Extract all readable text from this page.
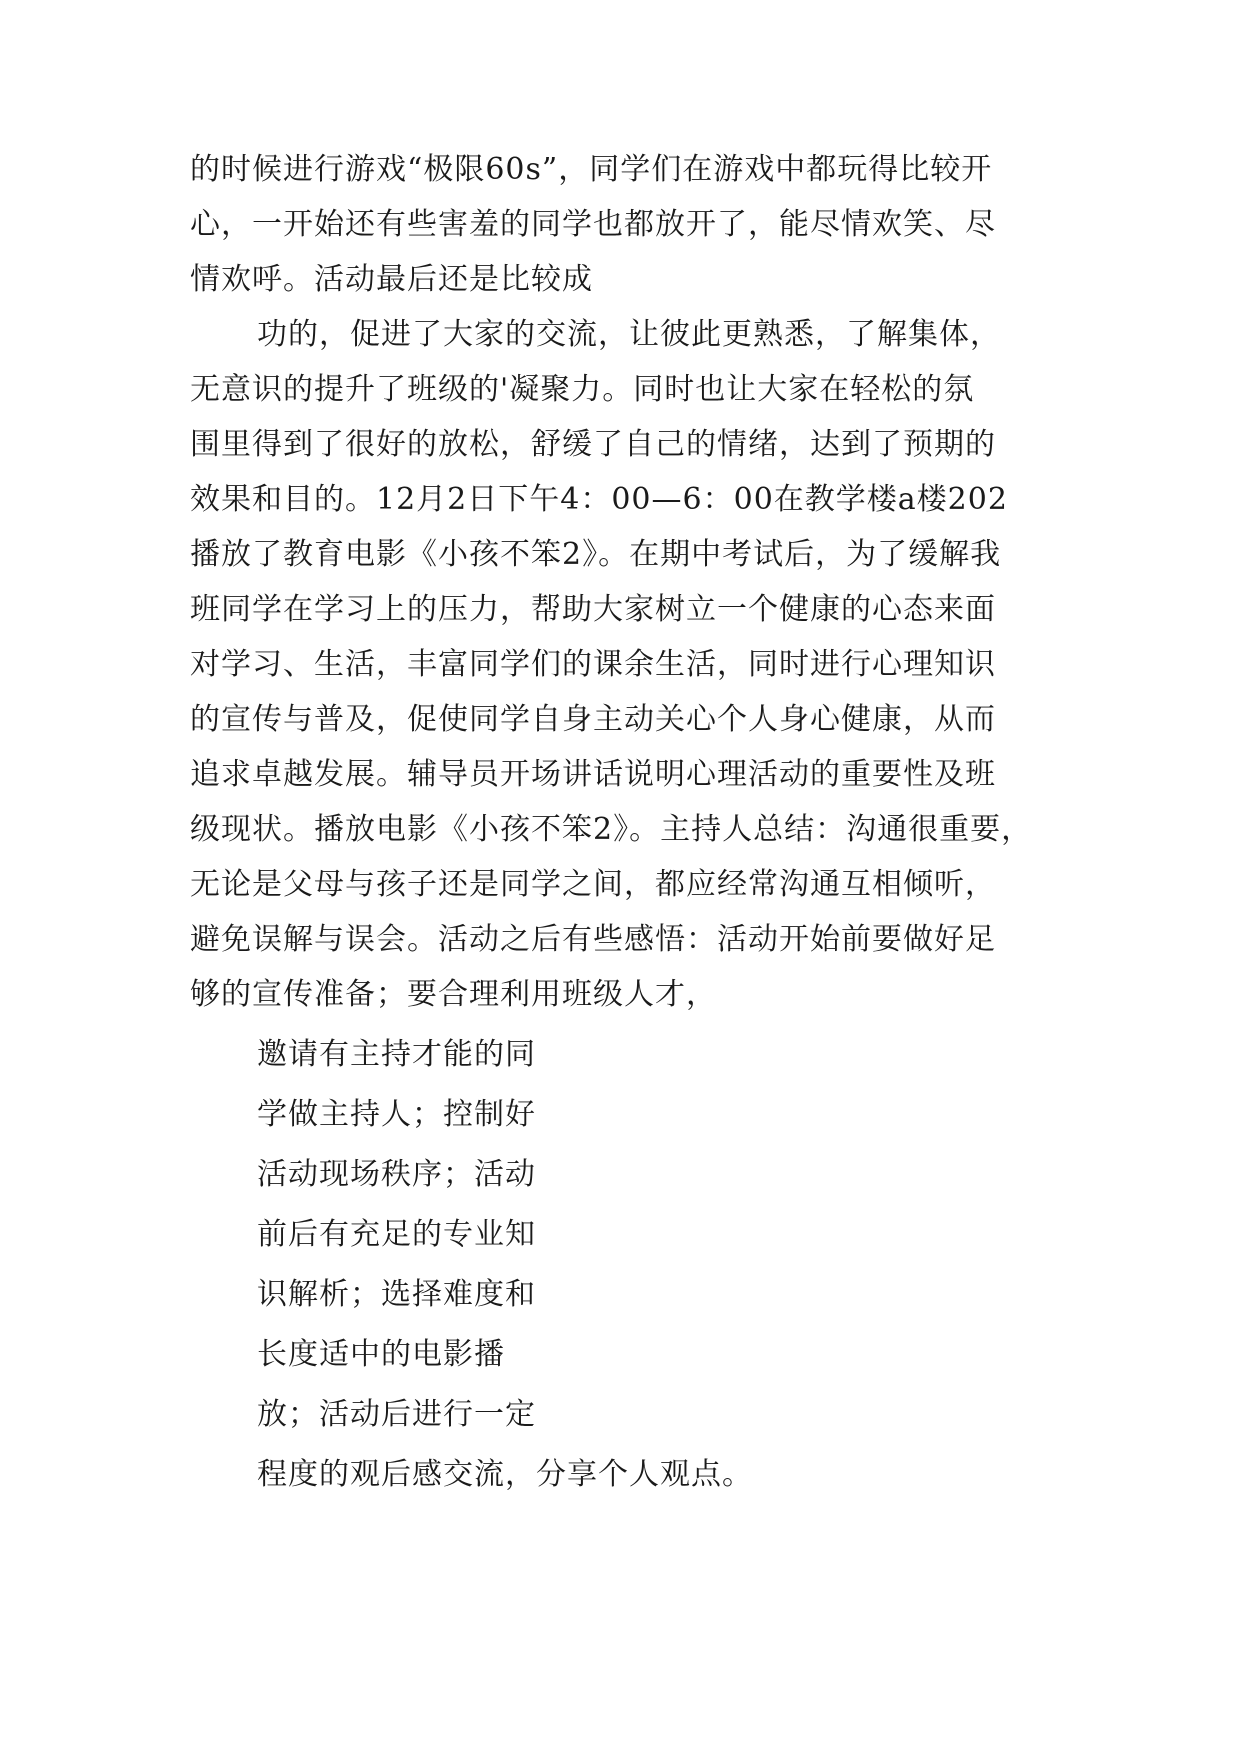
的时候进行游戏“极限60s”，同学们在游戏中都玩得比较开
心，一开始还有些害羞的同学也都放开了，能尽情欢笑、尽
情欢呼。活动最后还是比较成
功的，促进了大家的交流，让彼此更熟悉，了解集体，
无意识的提升了班级的'凝聚力。同时也让大家在轻松的氛
围里得到了很好的放松，舒缓了自己的情绪，达到了预期的
效果和目的。12月2日下午4：00—6：00在教学楼a楼202
播放了教育电影《小孩不笨2》。在期中考试后，为了缓解我
班同学在学习上的压力，帮助大家树立一个健康的心态来面
对学习、生活，丰富同学们的课余生活，同时进行心理知识
的宣传与普及，促使同学自身主动关心个人身心健康，从而
追求卓越发展。辅导员开场讲话说明心理活动的重要性及班
级现状。播放电影《小孩不笨2》。主持人总结：沟通很重要，
无论是父母与孩子还是同学之间，都应经常沟通互相倾听，
避免误解与误会。活动之后有些感悟：活动开始前要做好足
够的宣传准备；要合理利用班级人才，
邀请有主持才能的同
学做主持人；控制好
活动现场秩序；活动
前后有充足的专业知
识解析；选择难度和
长度适中的电影播
放；活动后进行一定
程度的观后感交流，分享个人观点。
